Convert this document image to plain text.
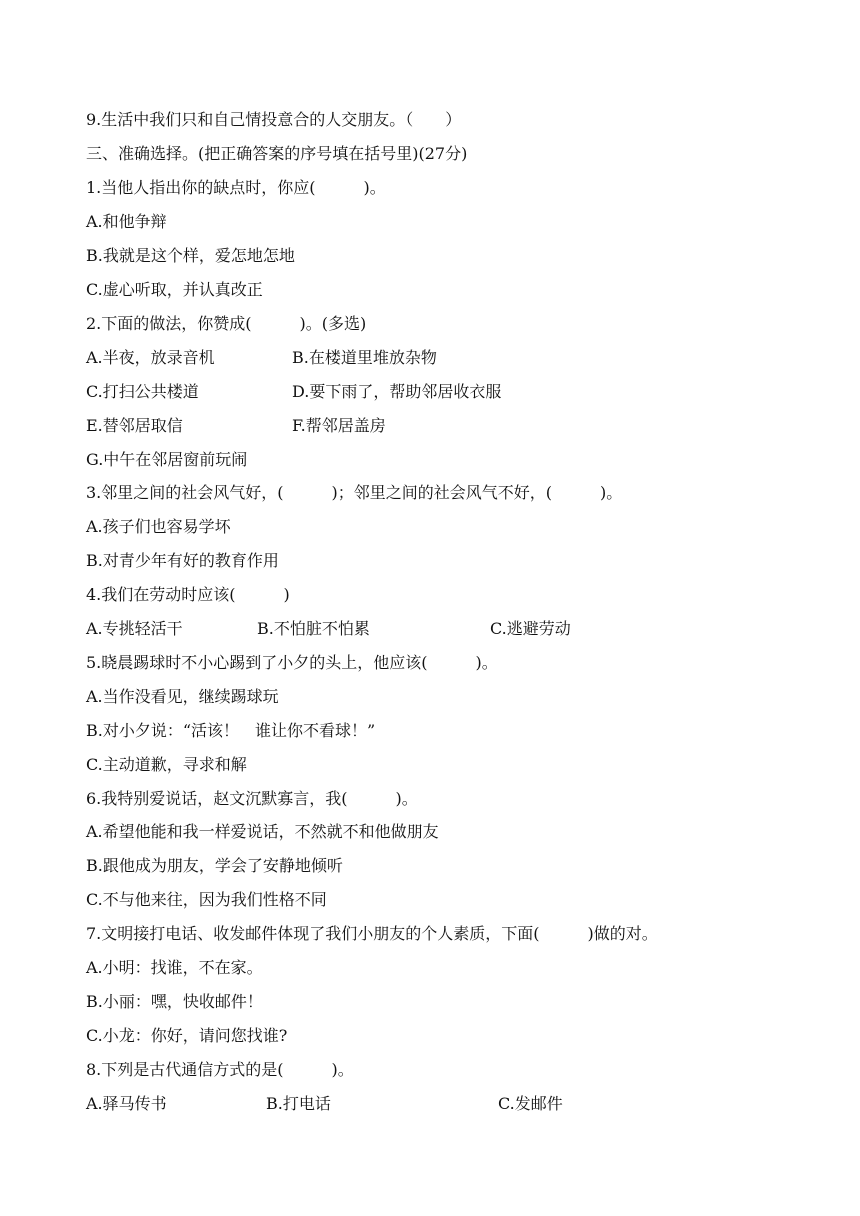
9.生活中我们只和自己情投意合的人交朋友。（　　）
三、准确选择。(把正确答案的序号填在括号里)(27分)
1.当他人指出你的缺点时，你应(　　　)。
A.和他争辩
B.我就是这个样，爱怎地怎地
C.虚心听取，并认真改正
2.下面的做法，你赞成(　　　)。(多选)
A.半夜，放录音机	B.在楼道里堆放杂物
C.打扫公共楼道	D.要下雨了，帮助邻居收衣服
E.替邻居取信	F.帮邻居盖房
G.中午在邻居窗前玩闹
3.邻里之间的社会风气好，(　　　)；邻里之间的社会风气不好，(　　　)。
A.孩子们也容易学坏
B.对青少年有好的教育作用
4.我们在劳动时应该(　　　)
A.专挑轻活干	B.不怕脏不怕累	C.逃避劳动
5.晓晨踢球时不小心踢到了小夕的头上，他应该(　　　)。
A.当作没看见，继续踢球玩
B.对小夕说：“活该！　谁让你不看球！”
C.主动道歉，寻求和解
6.我特别爱说话，赵文沉默寡言，我(　　　)。
A.希望他能和我一样爱说话，不然就不和他做朋友
B.跟他成为朋友，学会了安静地倾听
C.不与他来往，因为我们性格不同
7.文明接打电话、收发邮件体现了我们小朋友的个人素质，下面(　　　)做的对。
A.小明：找谁，不在家。
B.小丽：嘿，快收邮件！
C.小龙：你好，请问您找谁?
8.下列是古代通信方式的是(　　　)。
A.驿马传书	B.打电话	C.发邮件
